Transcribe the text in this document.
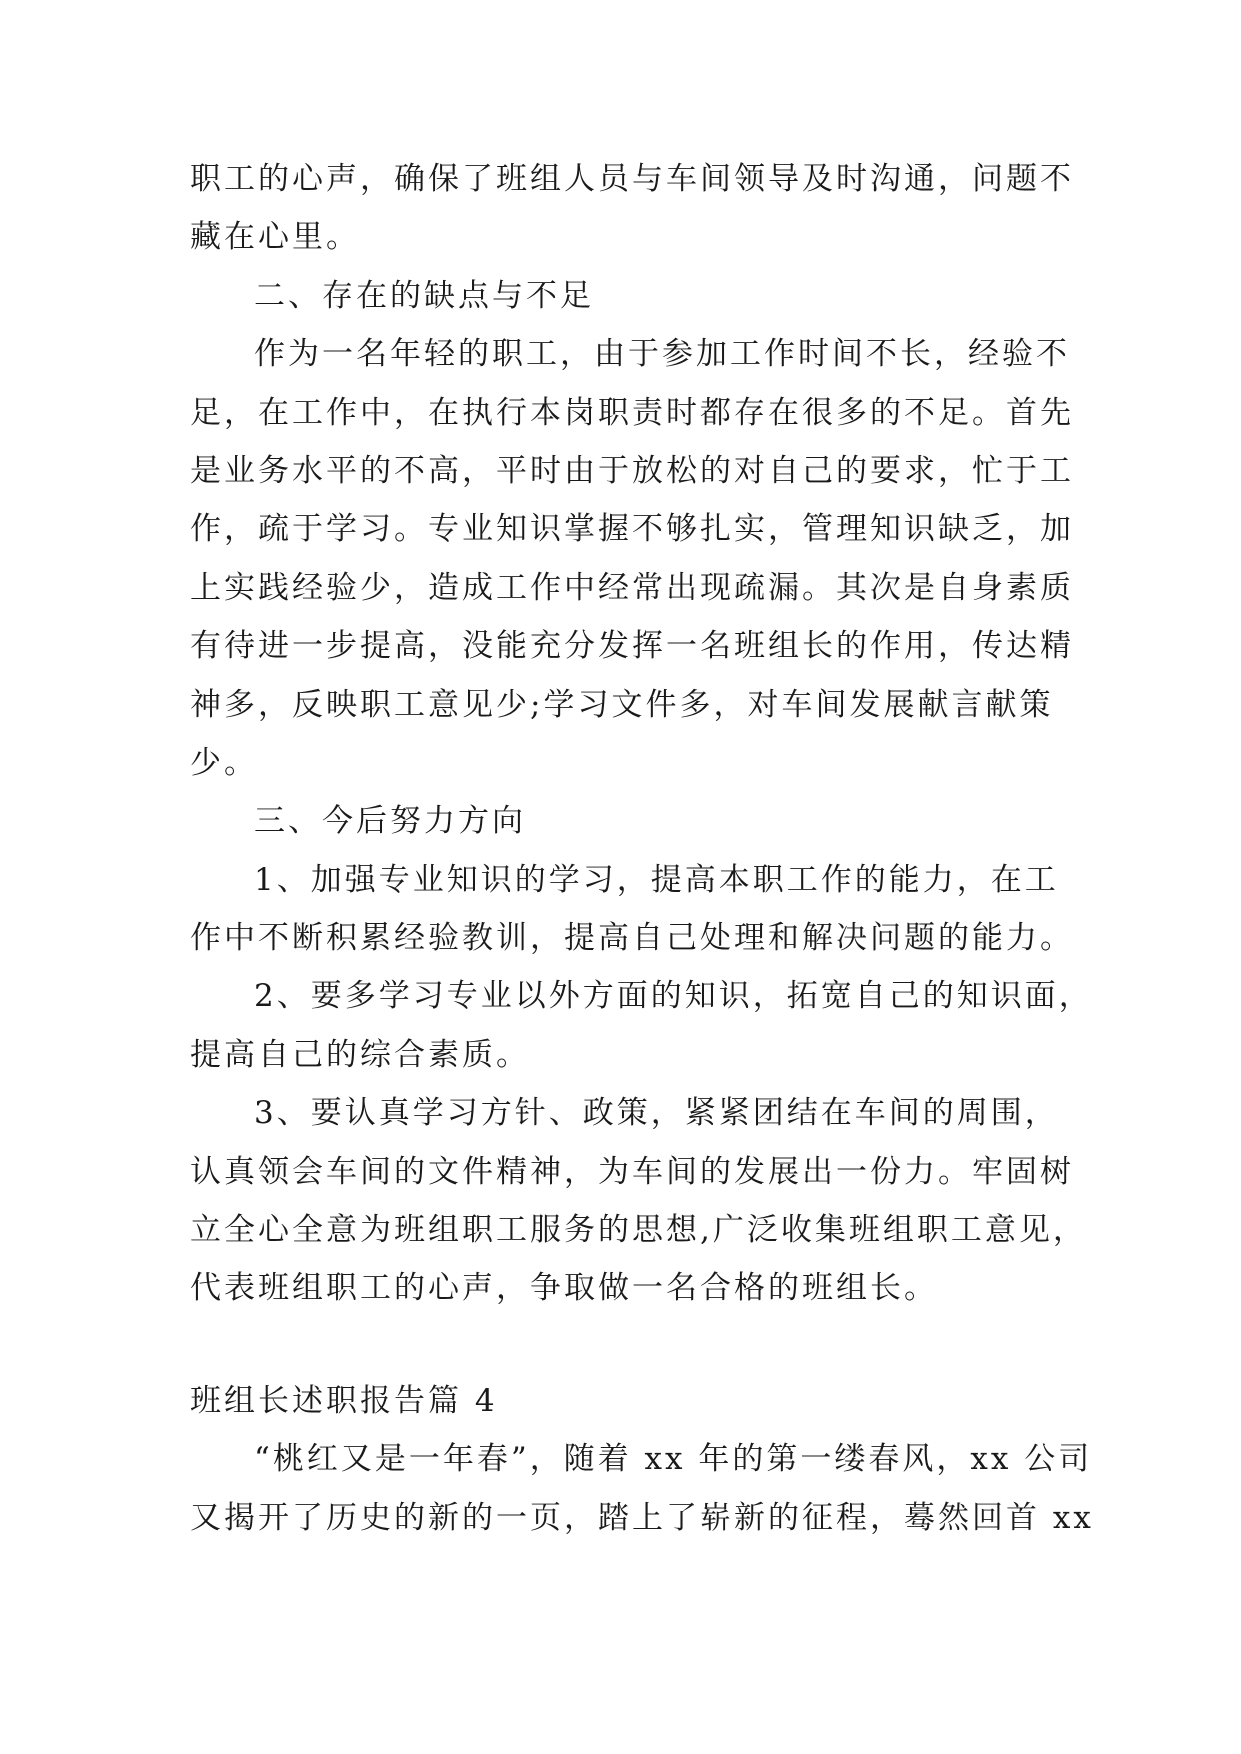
职工的心声，确保了班组人员与车间领导及时沟通，问题不
藏在心里。
二、存在的缺点与不足
作为一名年轻的职工，由于参加工作时间不长，经验不
足，在工作中，在执行本岗职责时都存在很多的不足。首先
是业务水平的不高，平时由于放松的对自己的要求，忙于工
作，疏于学习。专业知识掌握不够扎实，管理知识缺乏，加
上实践经验少，造成工作中经常出现疏漏。其次是自身素质
有待进一步提高，没能充分发挥一名班组长的作用，传达精
神多，反映职工意见少;学习文件多，对车间发展献言献策
少。
三、今后努力方向
1、加强专业知识的学习，提高本职工作的能力，在工
作中不断积累经验教训，提高自己处理和解决问题的能力。
2、要多学习专业以外方面的知识，拓宽自己的知识面，
提高自己的综合素质。
3、要认真学习方针、政策，紧紧团结在车间的周围，
认真领会车间的文件精神，为车间的发展出一份力。牢固树
立全心全意为班组职工服务的思想,广泛收集班组职工意见，
代表班组职工的心声，争取做一名合格的班组长。
班组长述职报告篇 4
“桃红又是一年春”，随着 xx 年的第一缕春风，xx 公司
又揭开了历史的新的一页，踏上了崭新的征程，蓦然回首 xx
